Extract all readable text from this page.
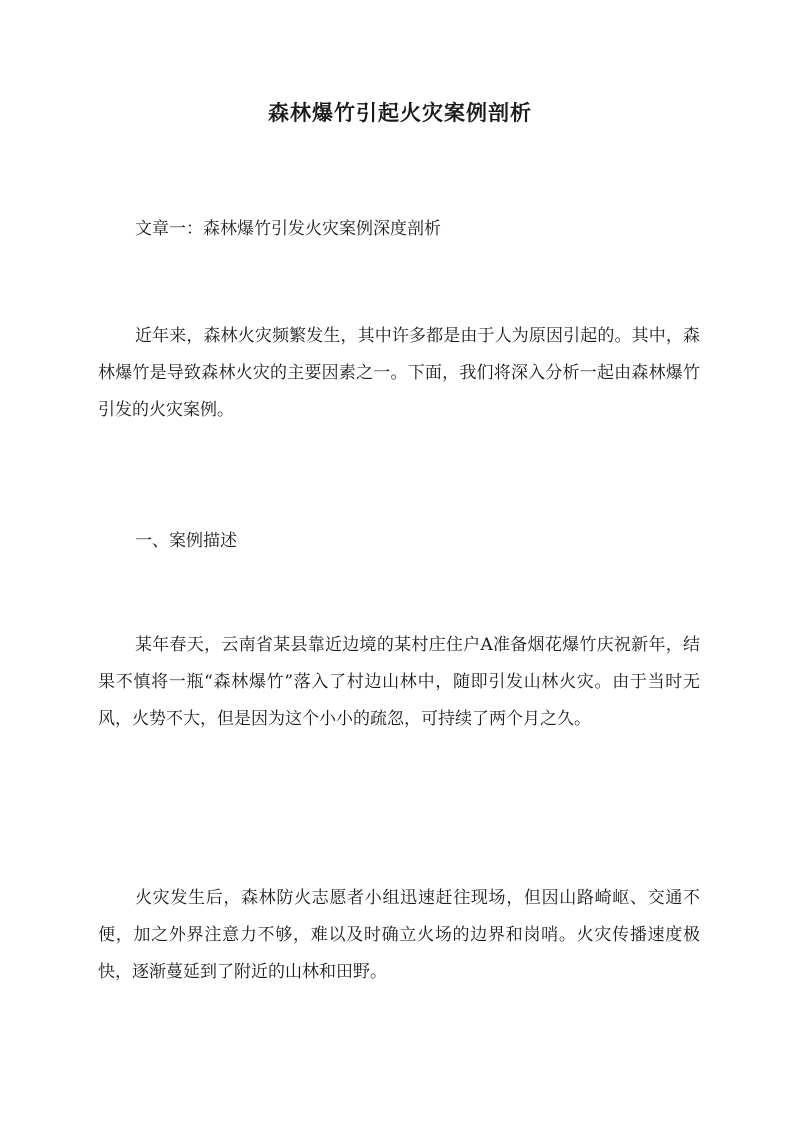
森林爆竹引起火灾案例剖析

文章一：森林爆竹引发火灾案例深度剖析

近年来，森林火灾频繁发生，其中许多都是由于人为原因引起的。其中，森林爆竹是导致森林火灾的主要因素之一。下面，我们将深入分析一起由森林爆竹引发的火灾案例。

一、案例描述

某年春天，云南省某县靠近边境的某村庄住户A准备烟花爆竹庆祝新年，结果不慎将一瓶“森林爆竹”落入了村边山林中，随即引发山林火灾。由于当时无风，火势不大，但是因为这个小小的疏忽，可持续了两个月之久。

火灾发生后，森林防火志愿者小组迅速赶往现场，但因山路崎岖、交通不便，加之外界注意力不够，难以及时确立火场的边界和岗哨。火灾传播速度极快，逐渐蔓延到了附近的山林和田野。
